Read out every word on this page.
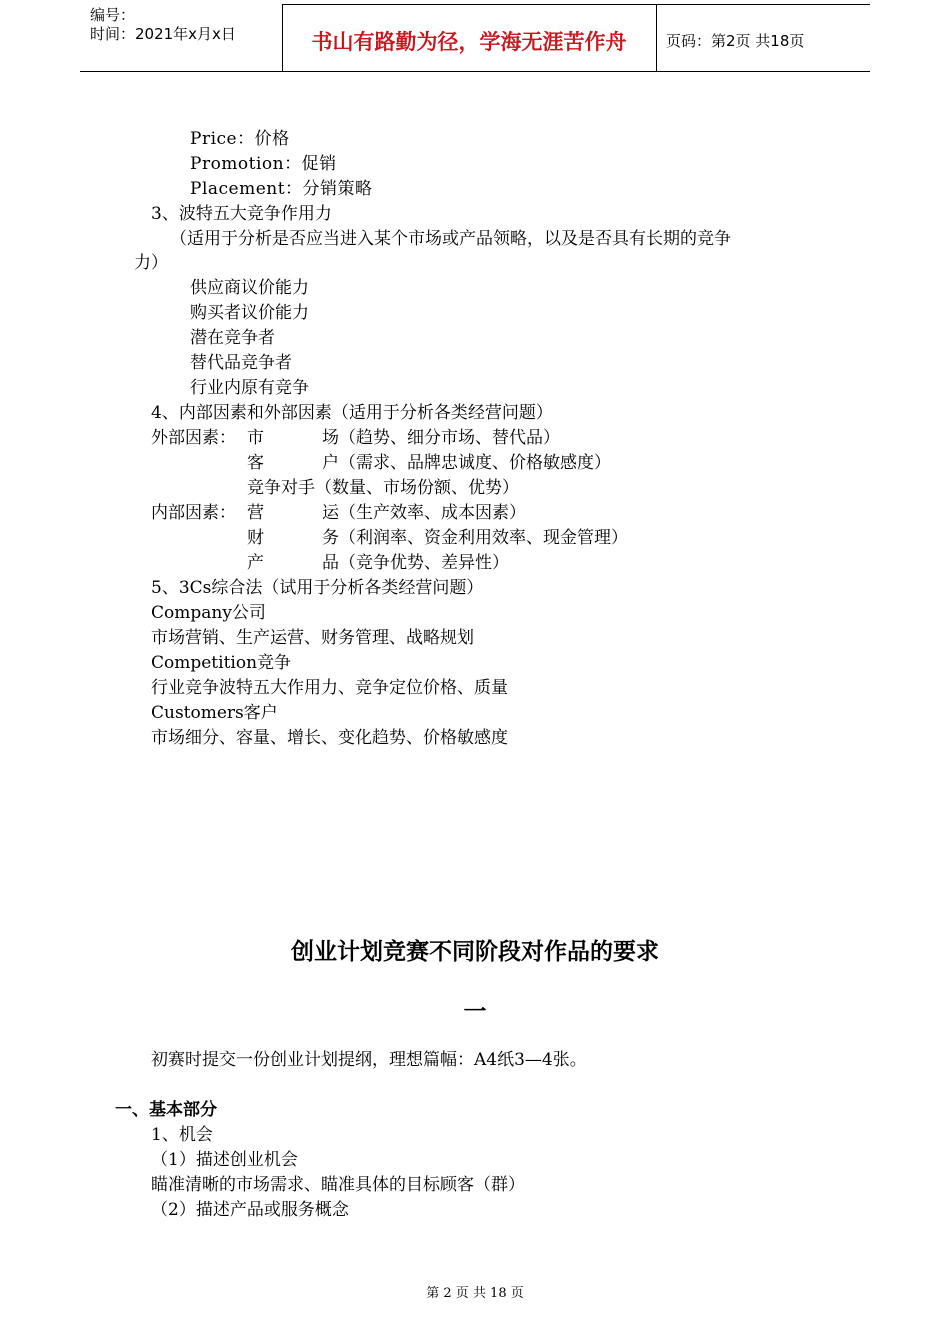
编号：
时间：2021年x月x日	书山有路勤为径，学海无涯苦作舟	页码：第2页 共18页
Price：价格
Promotion：促销
Placement：分销策略
3、波特五大竞争作用力
（适用于分析是否应当进入某个市场或产品领略，以及是否具有长期的竞争
力）
供应商议价能力
购买者议价能力
潜在竞争者
替代品竞争者
行业内原有竞争
4、内部因素和外部因素（适用于分析各类经营问题）
外部因素： 市	场（趋势、细分市场、替代品）
客	户（需求、品牌忠诚度、价格敏感度）
竞争对手（数量、市场份额、优势）
内部因素： 营	运（生产效率、成本因素）
财	务（利润率、资金利用效率、现金管理）
产	品（竞争优势、差异性）
5、3Cs综合法（试用于分析各类经营问题）
Company公司
市场营销、生产运营、财务管理、战略规划
Competition竞争
行业竞争波特五大作用力、竞争定位价格、质量
Customers客户
市场细分、容量、增长、变化趋势、价格敏感度
创业计划竞赛不同阶段对作品的要求
一
初赛时提交一份创业计划提纲，理想篇幅：A4纸3—4张。
一、基本部分
1、机会
（1）描述创业机会
瞄准清晰的市场需求、瞄准具体的目标顾客（群）
（2）描述产品或服务概念
第 2 页 共 18 页
